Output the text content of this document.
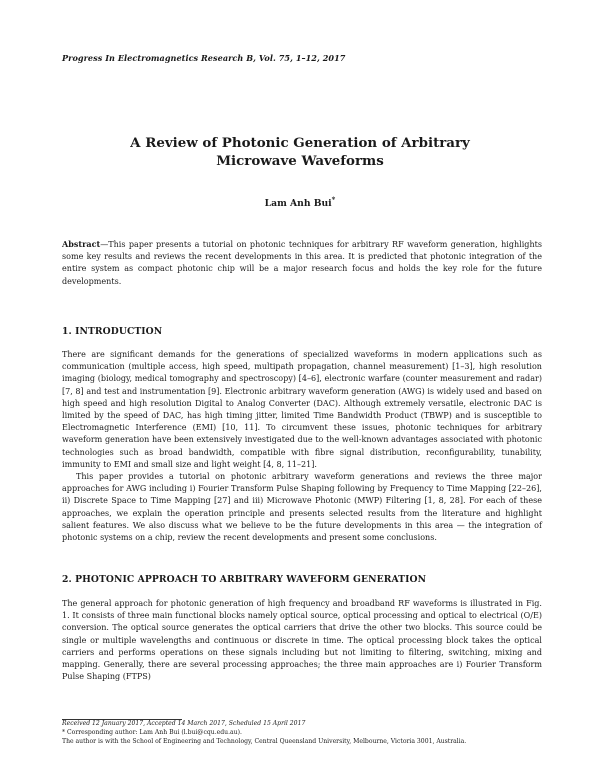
Progress In Electromagnetics Research B, Vol. 75, 1–12, 2017
A Review of Photonic Generation of Arbitrary
Microwave Waveforms
Lam Anh Bui*
Abstract—This paper presents a tutorial on photonic techniques for arbitrary RF waveform generation, highlights some key results and reviews the recent developments in this area. It is predicted that photonic integration of the entire system as compact photonic chip will be a major research focus and holds the key role for the future developments.
1. INTRODUCTION

There are significant demands for the generations of specialized waveforms in modern applications such as communication (multiple access, high speed, multipath propagation, channel measurement) [1–3], high resolution imaging (biology, medical tomography and spectroscopy) [4–6], electronic warfare (counter measurement and radar) [7, 8] and test and instrumentation [9]. Electronic arbitrary waveform generation (AWG) is widely used and based on high speed and high resolution Digital to Analog Converter (DAC). Although extremely versatile, electronic DAC is limited by the speed of DAC, has high timing jitter, limited Time Bandwidth Product (TBWP) and is susceptible to Electromagnetic Interference (EMI) [10, 11]. To circumvent these issues, photonic techniques for arbitrary waveform generation have been extensively investigated due to the well-known advantages associated with photonic technologies such as broad bandwidth, compatible with fibre signal distribution, reconfigurability, tunability, immunity to EMI and small size and light weight [4, 8, 11–21].

This paper provides a tutorial on photonic arbitrary waveform generations and reviews the three major approaches for AWG including i) Fourier Transform Pulse Shaping following by Frequency to Time Mapping [22–26], ii) Discrete Space to Time Mapping [27] and iii) Microwave Photonic (MWP) Filtering [1, 8, 28]. For each of these approaches, we explain the operation principle and presents selected results from the literature and highlight salient features. We also discuss what we believe to be the future developments in this area — the integration of photonic systems on a chip, review the recent developments and present some conclusions.

2. PHOTONIC APPROACH TO ARBITRARY WAVEFORM GENERATION

The general approach for photonic generation of high frequency and broadband RF waveforms is illustrated in Fig. 1. It consists of three main functional blocks namely optical source, optical processing and optical to electrical (O/E) conversion. The optical source generates the optical carriers that drive the other two blocks. This source could be single or multiple wavelengths and continuous or discrete in time. The optical processing block takes the optical carriers and performs operations on these signals including but not limiting to filtering, switching, mixing and mapping. Generally, there are several processing approaches; the three main approaches are i) Fourier Transform Pulse Shaping (FTPS)

Received 12 January 2017, Accepted 14 March 2017, Scheduled 15 April 2017
* Corresponding author: Lam Anh Bui (l.bui@cqu.edu.au).
The author is with the School of Engineering and Technology, Central Queensland University, Melbourne, Victoria 3001, Australia.
